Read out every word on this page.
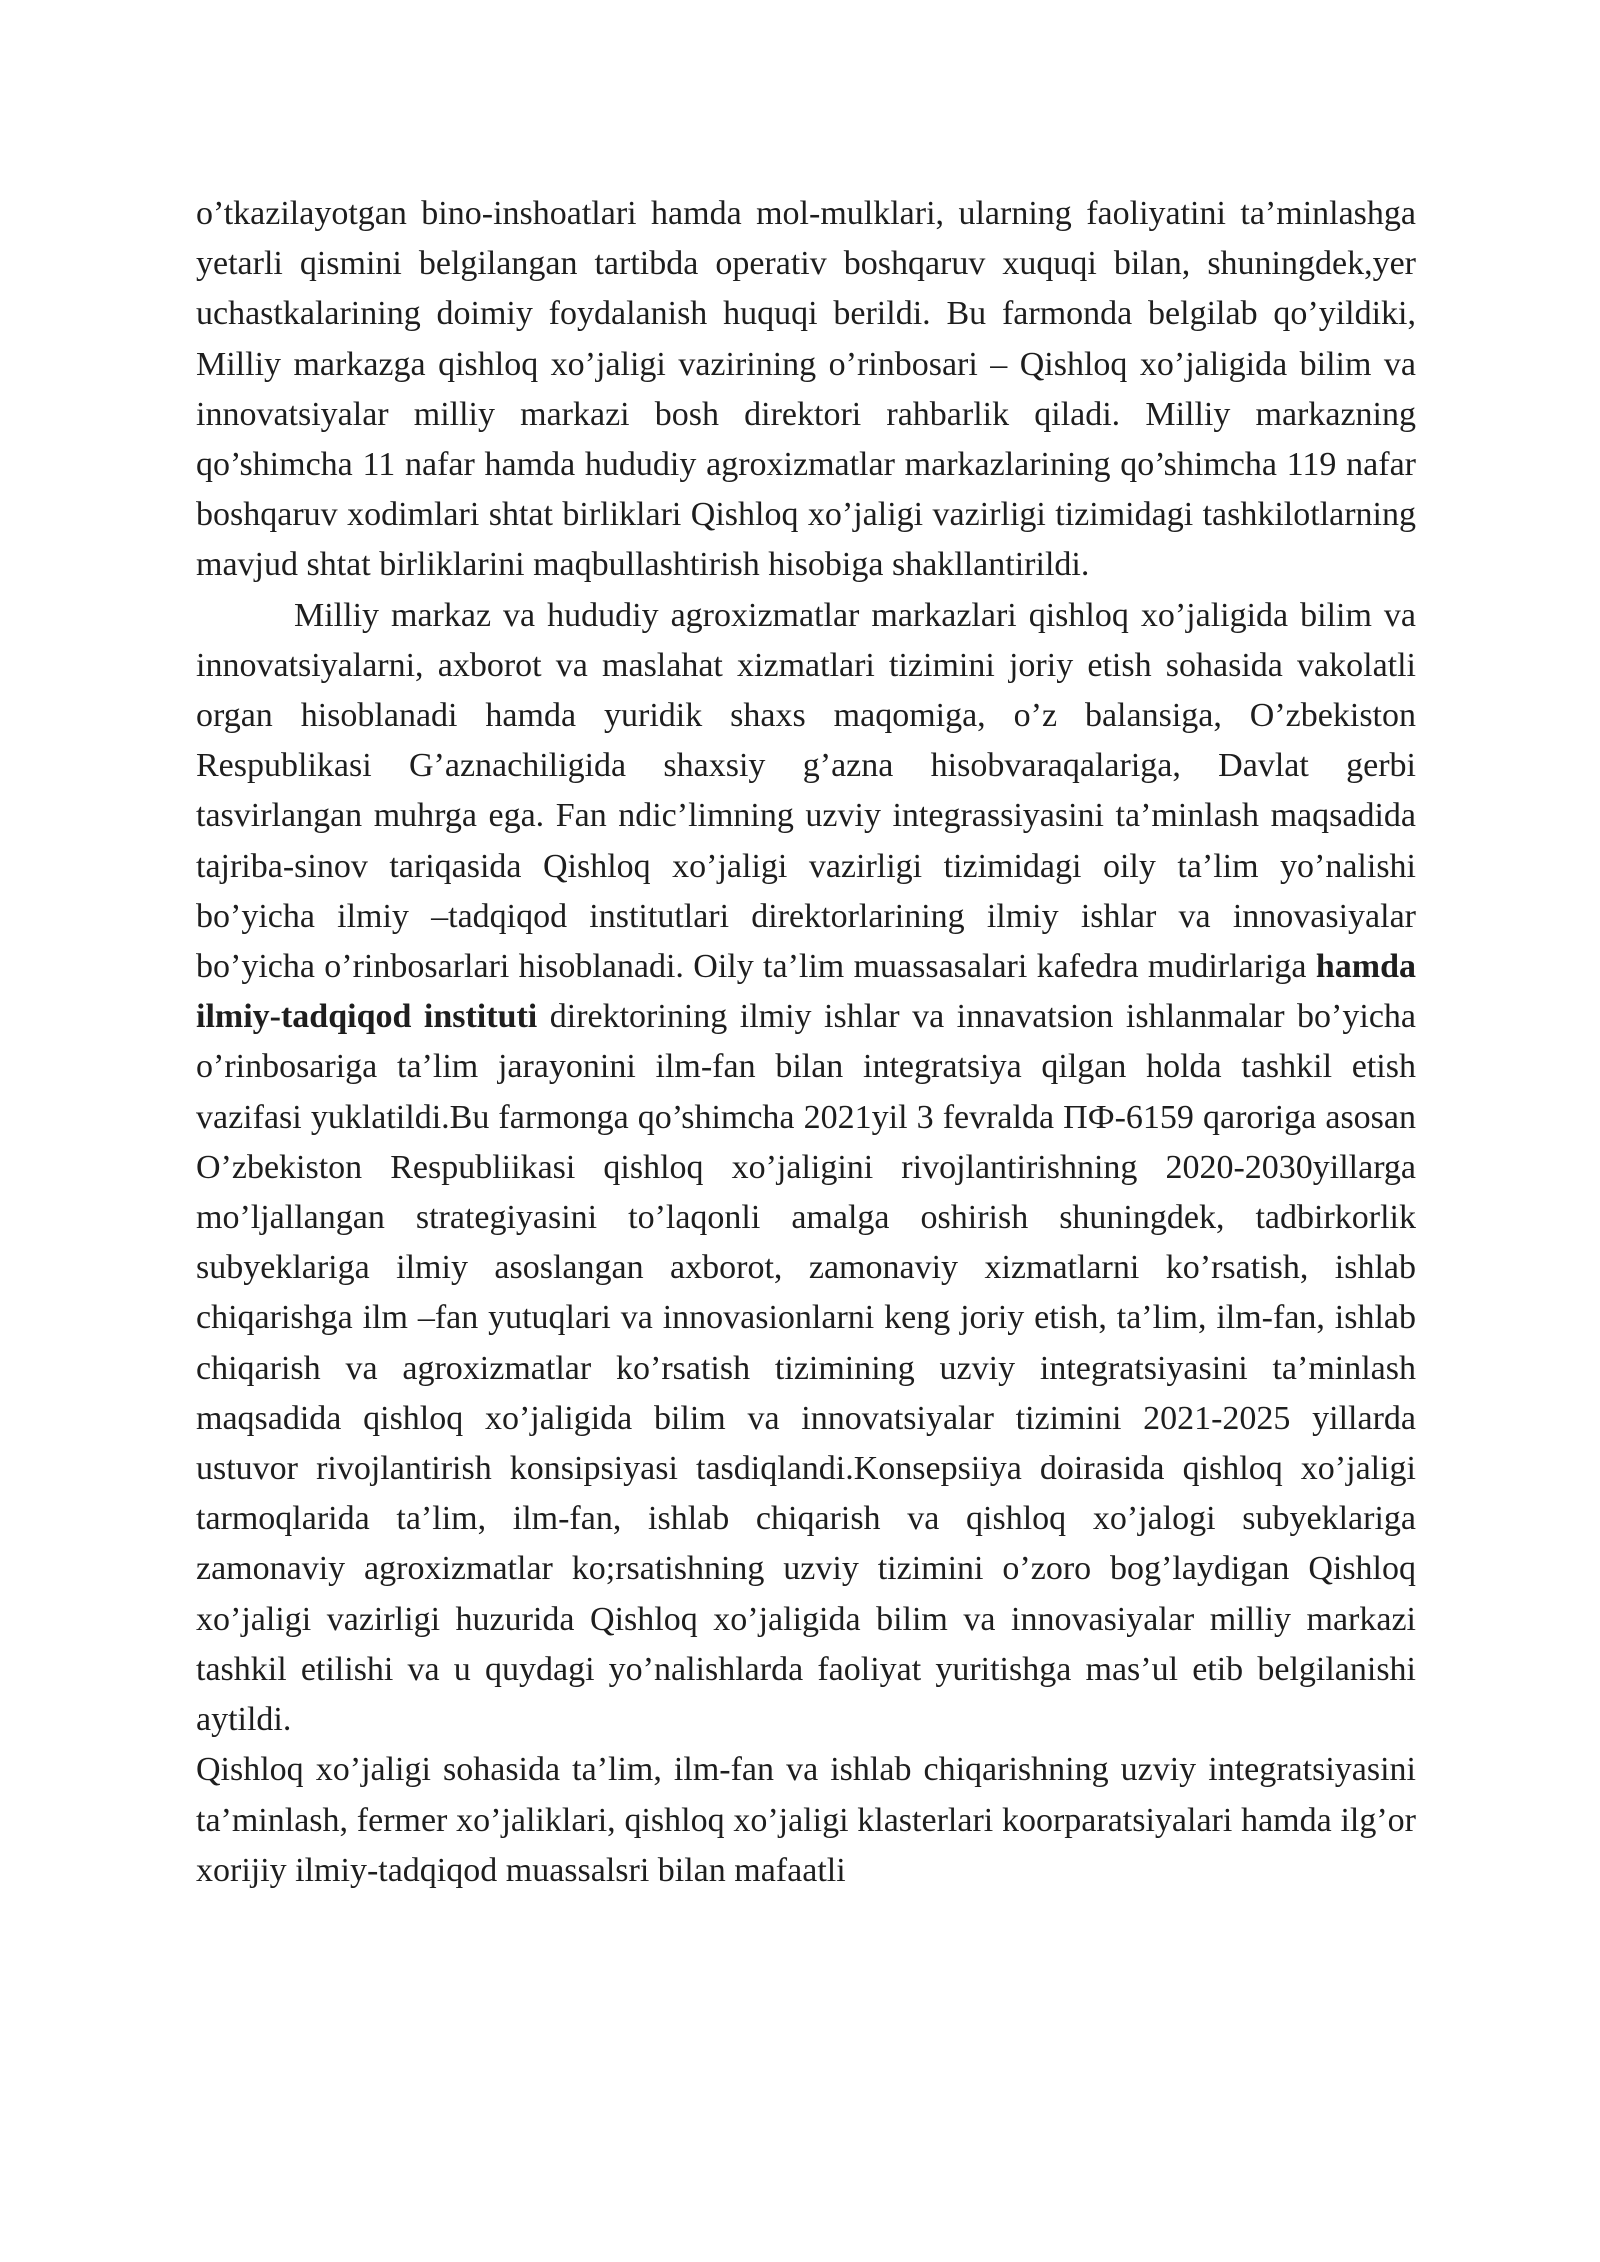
o’tkazilayotgan bino-inshoatlari hamda mol-mulklari, ularning faoliyatini ta’minlashga yetarli qismini belgilangan tartibda operativ boshqaruv xuquqi bilan, shuningdek,yer uchastkalarining doimiy foydalanish huquqi berildi. Bu farmonda belgilab qo’yildiki, Milliy markazga qishloq xo’jaligi vazirining o’rinbosari – Qishloq xo’jaligida bilim va innovatsiyalar milliy markazi bosh direktori rahbarlik qiladi. Milliy markazning qo’shimcha 11 nafar hamda hududiy agroxizmatlar markazlarining qo’shimcha 119 nafar boshqaruv xodimlari shtat birliklari Qishloq xo’jaligi vazirligi tizimidagi tashkilotlarning mavjud shtat birliklarini maqbullashtirish hisobiga shakllantirildi.

Milliy markaz va hududiy agroxizmatlar markazlari qishloq xo’jaligida bilim va innovatsiyalarni, axborot va maslahat xizmatlari tizimini joriy etish sohasida vakolatli organ hisoblanadi hamda yuridik shaxs maqomiga, o’z balansiga, O’zbekiston Respublikasi G’aznachiligida shaxsiy g’azna hisobvaraqalariga, Davlat gerbi tasvirlangan muhrga ega. Fan ndic’limning uzviy integrassiyasini ta’minlash maqsadida tajriba-sinov tariqasida Qishloq xo’jaligi vazirligi tizimidagi oily ta’lim yo’nalishi bo’yicha ilmiy –tadqiqod institutlari direktorlarining ilmiy ishlar va innovasiyalar bo’yicha o’rinbosarlari hisoblanadi. Oily ta’lim muassasalari kafedra mudirlariga hamda ilmiy-tadqiqod instituti direktorining ilmiy ishlar va innavatsion ishlanmalar bo’yicha o’rinbosariga ta’lim jarayonini ilm-fan bilan integratsiya qilgan holda tashkil etish vazifasi yuklatildi.Bu farmonga qo’shimcha 2021yil 3 fevralda ПФ-6159 qaroriga asosan O’zbekiston Respubliikasi qishloq xo’jaligini rivojlantirishning 2020-2030yillarga mo’ljallangan strategiyasini to’laqonli amalga oshirish shuningdek, tadbirkorlik subyeklariga ilmiy asoslangan axborot, zamonaviy xizmatlarni ko’rsatish, ishlab chiqarishga ilm –fan yutuqlari va innovasionlarni keng joriy etish, ta’lim, ilm-fan, ishlab chiqarish va agroxizmatlar ko’rsatish tizimining uzviy integratsiyasini ta’minlash maqsadida qishloq xo’jaligida bilim va innovatsiyalar tizimini 2021-2025 yillarda ustuvor rivojlantirish konsipsiyasi tasdiqlandi.Konsepsiiya doirasida qishloq xo’jaligi tarmoqlarida ta’lim, ilm-fan, ishlab chiqarish va qishloq xo’jalogi subyeklariga zamonaviy agroxizmatlar ko;rsatishning uzviy tizimini o’zoro bog’laydigan Qishloq xo’jaligi vazirligi huzurida Qishloq xo’jaligida bilim va innovasiyalar milliy markazi tashkil etilishi va u quydagi yo’nalishlarda faoliyat yuritishga mas’ul etib belgilanishi aytildi.

Qishloq xo’jaligi sohasida ta’lim, ilm-fan va ishlab chiqarishning uzviy integratsiyasini ta’minlash, fermer xo’jaliklari, qishloq xo’jaligi klasterlari koorparatsiyalari hamda ilg’or xorijiy ilmiy-tadqiqod muassalsri bilan mafaatli
